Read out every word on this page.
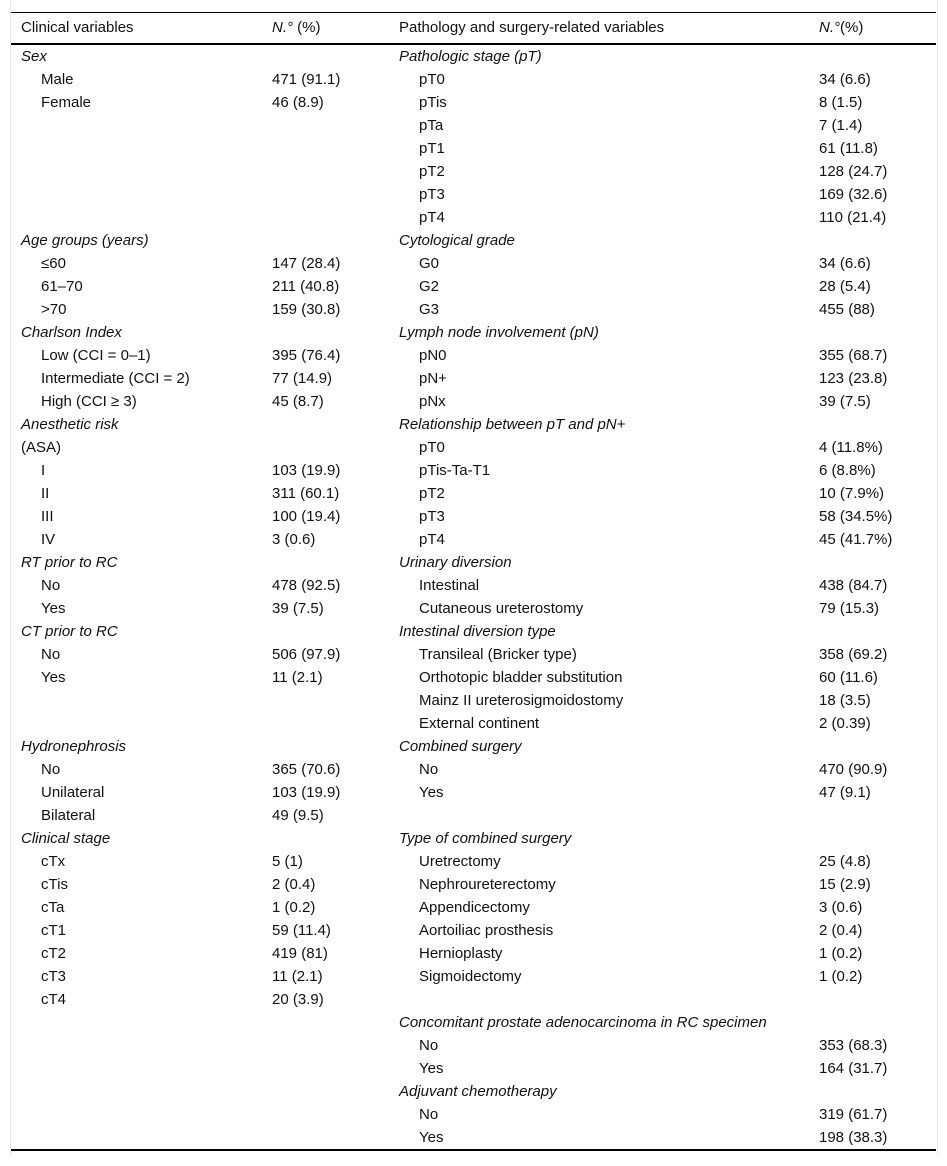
Clinical variables	N.° (%)	Pathology and surgery-related variables	N.°(%)
Sex		Pathologic stage (pT)	
Male	471 (91.1)	pT0	34 (6.6)
Female	46 (8.9)	pTis	8 (1.5)
		pTa	7 (1.4)
		pT1	61 (11.8)
		pT2	128 (24.7)
		pT3	169 (32.6)
		pT4	110 (21.4)
Age groups (years)		Cytological grade	
≤60	147 (28.4)	G0	34 (6.6)
61–70	211 (40.8)	G2	28 (5.4)
>70	159 (30.8)	G3	455 (88)
Charlson Index		Lymph node involvement (pN)	
Low (CCI = 0–1)	395 (76.4)	pN0	355 (68.7)
Intermediate (CCI = 2)	77 (14.9)	pN+	123 (23.8)
High (CCI ≥ 3)	45 (8.7)	pNx	39 (7.5)
Anesthetic risk		Relationship between pT and pN+	
(ASA)		pT0	4 (11.8%)
I	103 (19.9)	pTis-Ta-T1	6 (8.8%)
II	311 (60.1)	pT2	10 (7.9%)
III	100 (19.4)	pT3	58 (34.5%)
IV	3 (0.6)	pT4	45 (41.7%)
RT prior to RC		Urinary diversion	
No	478 (92.5)	Intestinal	438 (84.7)
Yes	39 (7.5)	Cutaneous ureterostomy	79 (15.3)
CT prior to RC		Intestinal diversion type	
No	506 (97.9)	Transileal (Bricker type)	358 (69.2)
Yes	11 (2.1)	Orthotopic bladder substitution	60 (11.6)
		Mainz II ureterosigmoidostomy	18 (3.5)
		External continent	2 (0.39)
Hydronephrosis		Combined surgery	
No	365 (70.6)	No	470 (90.9)
Unilateral	103 (19.9)	Yes	47 (9.1)
Bilateral	49 (9.5)		
Clinical stage		Type of combined surgery	
cTx	5 (1)	Uretrectomy	25 (4.8)
cTis	2 (0.4)	Nephroureterectomy	15 (2.9)
cTa	1 (0.2)	Appendicectomy	3 (0.6)
cT1	59 (11.4)	Aortoiliac prosthesis	2 (0.4)
cT2	419 (81)	Hernioplasty	1 (0.2)
cT3	11 (2.1)	Sigmoidectomy	1 (0.2)
cT4	20 (3.9)		
		Concomitant prostate adenocarcinoma in RC specimen	
		No	353 (68.3)
		Yes	164 (31.7)
		Adjuvant chemotherapy	
		No	319 (61.7)
		Yes	198 (38.3)
